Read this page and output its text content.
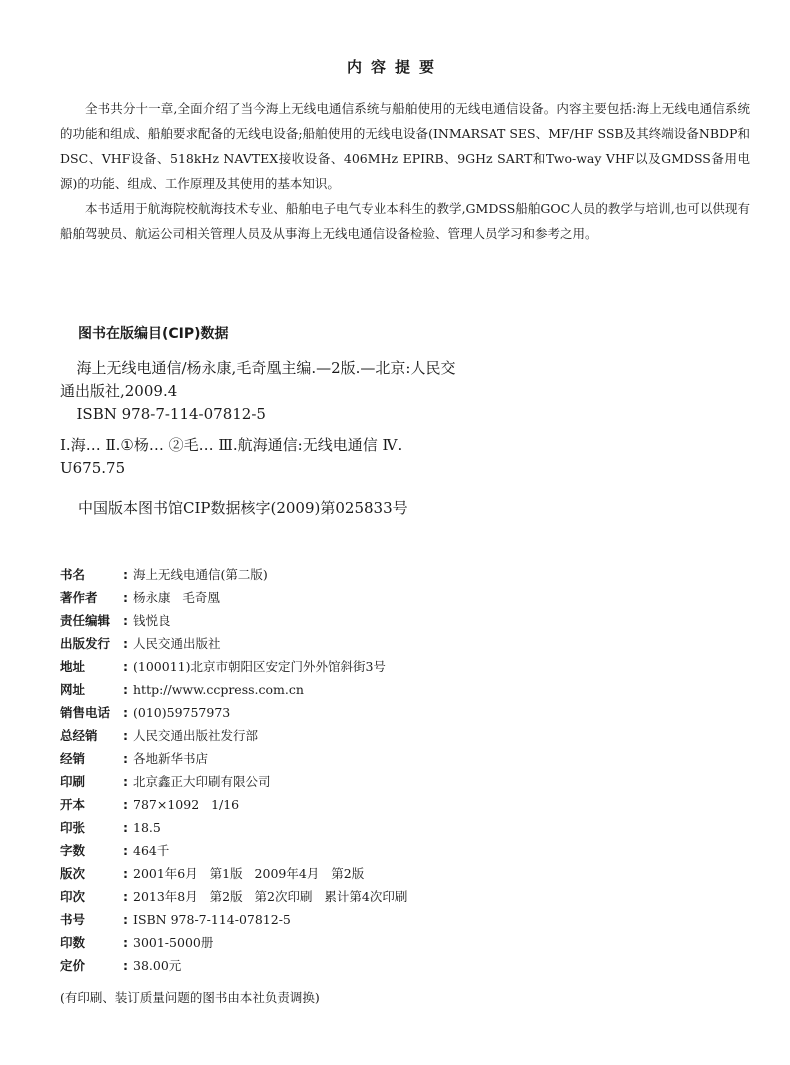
内容提要

全书共分十一章,全面介绍了当今海上无线电通信系统与船舶使用的无线电通信设备。内容主要包括:海上无线电通信系统的功能和组成、船舶要求配备的无线电设备;船舶使用的无线电设备(INMARSAT SES、MF/HF SSB及其终端设备NBDP和DSC、VHF设备、518kHz NAVTEX接收设备、406MHz EPIRB、9GHz SART和Two-way VHF以及GMDSS备用电源)的功能、组成、工作原理及其使用的基本知识。

本书适用于航海院校航海技术专业、船舶电子电气专业本科生的教学,GMDSS船舶GOC人员的教学与培训,也可以供现有船舶驾驶员、航运公司相关管理人员及从事海上无线电通信设备检验、管理人员学习和参考之用。

图书在版编目(CIP)数据

海上无线电通信/杨永康,毛奇凰主编.—2版.—北京:人民交

通出版社,2009.4

ISBN 978-7-114-07812-5

Ⅰ.海… Ⅱ.①杨… ②毛… Ⅲ.航海通信:无线电通信 Ⅳ.

U675.75

中国版本图书馆CIP数据核字(2009)第025833号
书名	: 海上无线电通信(第二版)
著作者	: 杨永康   毛奇凰
责任编辑	: 钱悦良
出版发行	: 人民交通出版社
地址	: (100011)北京市朝阳区安定门外外馆斜街3号
网址	: http://www.ccpress.com.cn
销售电话	: (010)59757973
总经销	: 人民交通出版社发行部
经销	: 各地新华书店
印刷	: 北京鑫正大印刷有限公司
开本	: 787×1092   1/16
印张	: 18.5
字数	: 464千
版次	: 2001年6月   第1版   2009年4月   第2版
印次	: 2013年8月   第2版   第2次印刷   累计第4次印刷
书号	: ISBN 978-7-114-07812-5
印数	: 3001-5000册
定价	: 38.00元
(有印刷、装订质量问题的图书由本社负责调换)
